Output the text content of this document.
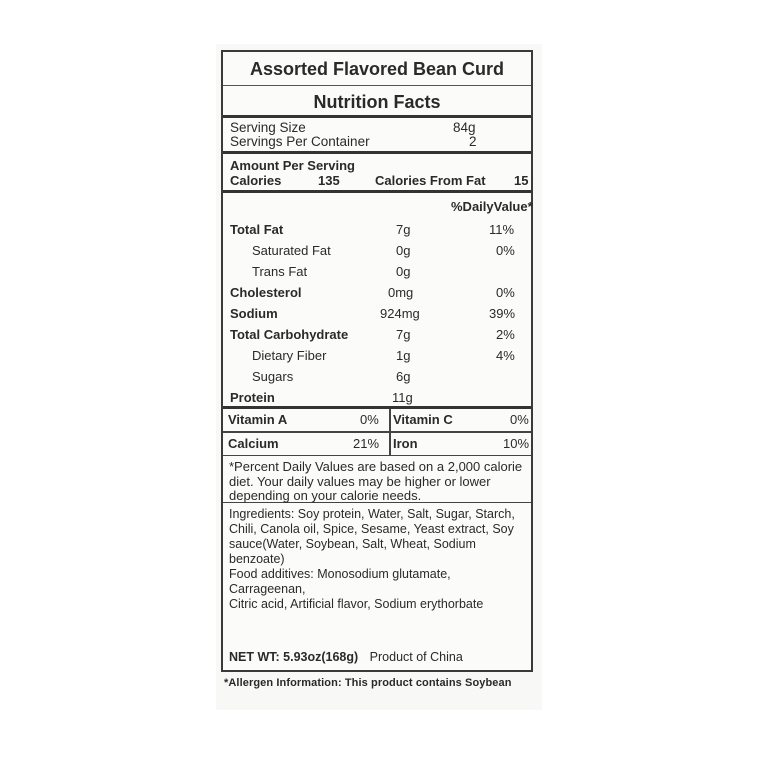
Assorted Flavored Bean Curd
Nutrition Facts
Serving Size	84g
Servings Per Container	2
Amount Per Serving
Calories	135	Calories From Fat 15
%DailyValue*
Total Fat	7g	11%
Saturated Fat	0g	0%
Trans Fat	0g
Cholesterol	0mg	0%
Sodium	924mg	39%
Total Carbohydrate	7g	2%
Dietary Fiber	1g	4%
Sugars	6g
Protein	11g
Vitamin A	0% Vitamin C	0%
Calcium	21% Iron	10%
*Percent Daily Values are based on a 2,000 calorie
diet. Your daily values may be higher or lower
depending on your calorie needs.
Ingredients: Soy protein, Water, Salt, Sugar, Starch,
Chili, Canola oil, Spice, Sesame, Yeast extract, Soy
sauce(Water, Soybean, Salt, Wheat, Sodium benzoate)
Food additives: Monosodium glutamate, Carrageenan,
Citric acid, Artificial flavor, Sodium erythorbate
NET WT: 5.93oz(168g) Product of China
*Allergen Information: This product contains Soybean
